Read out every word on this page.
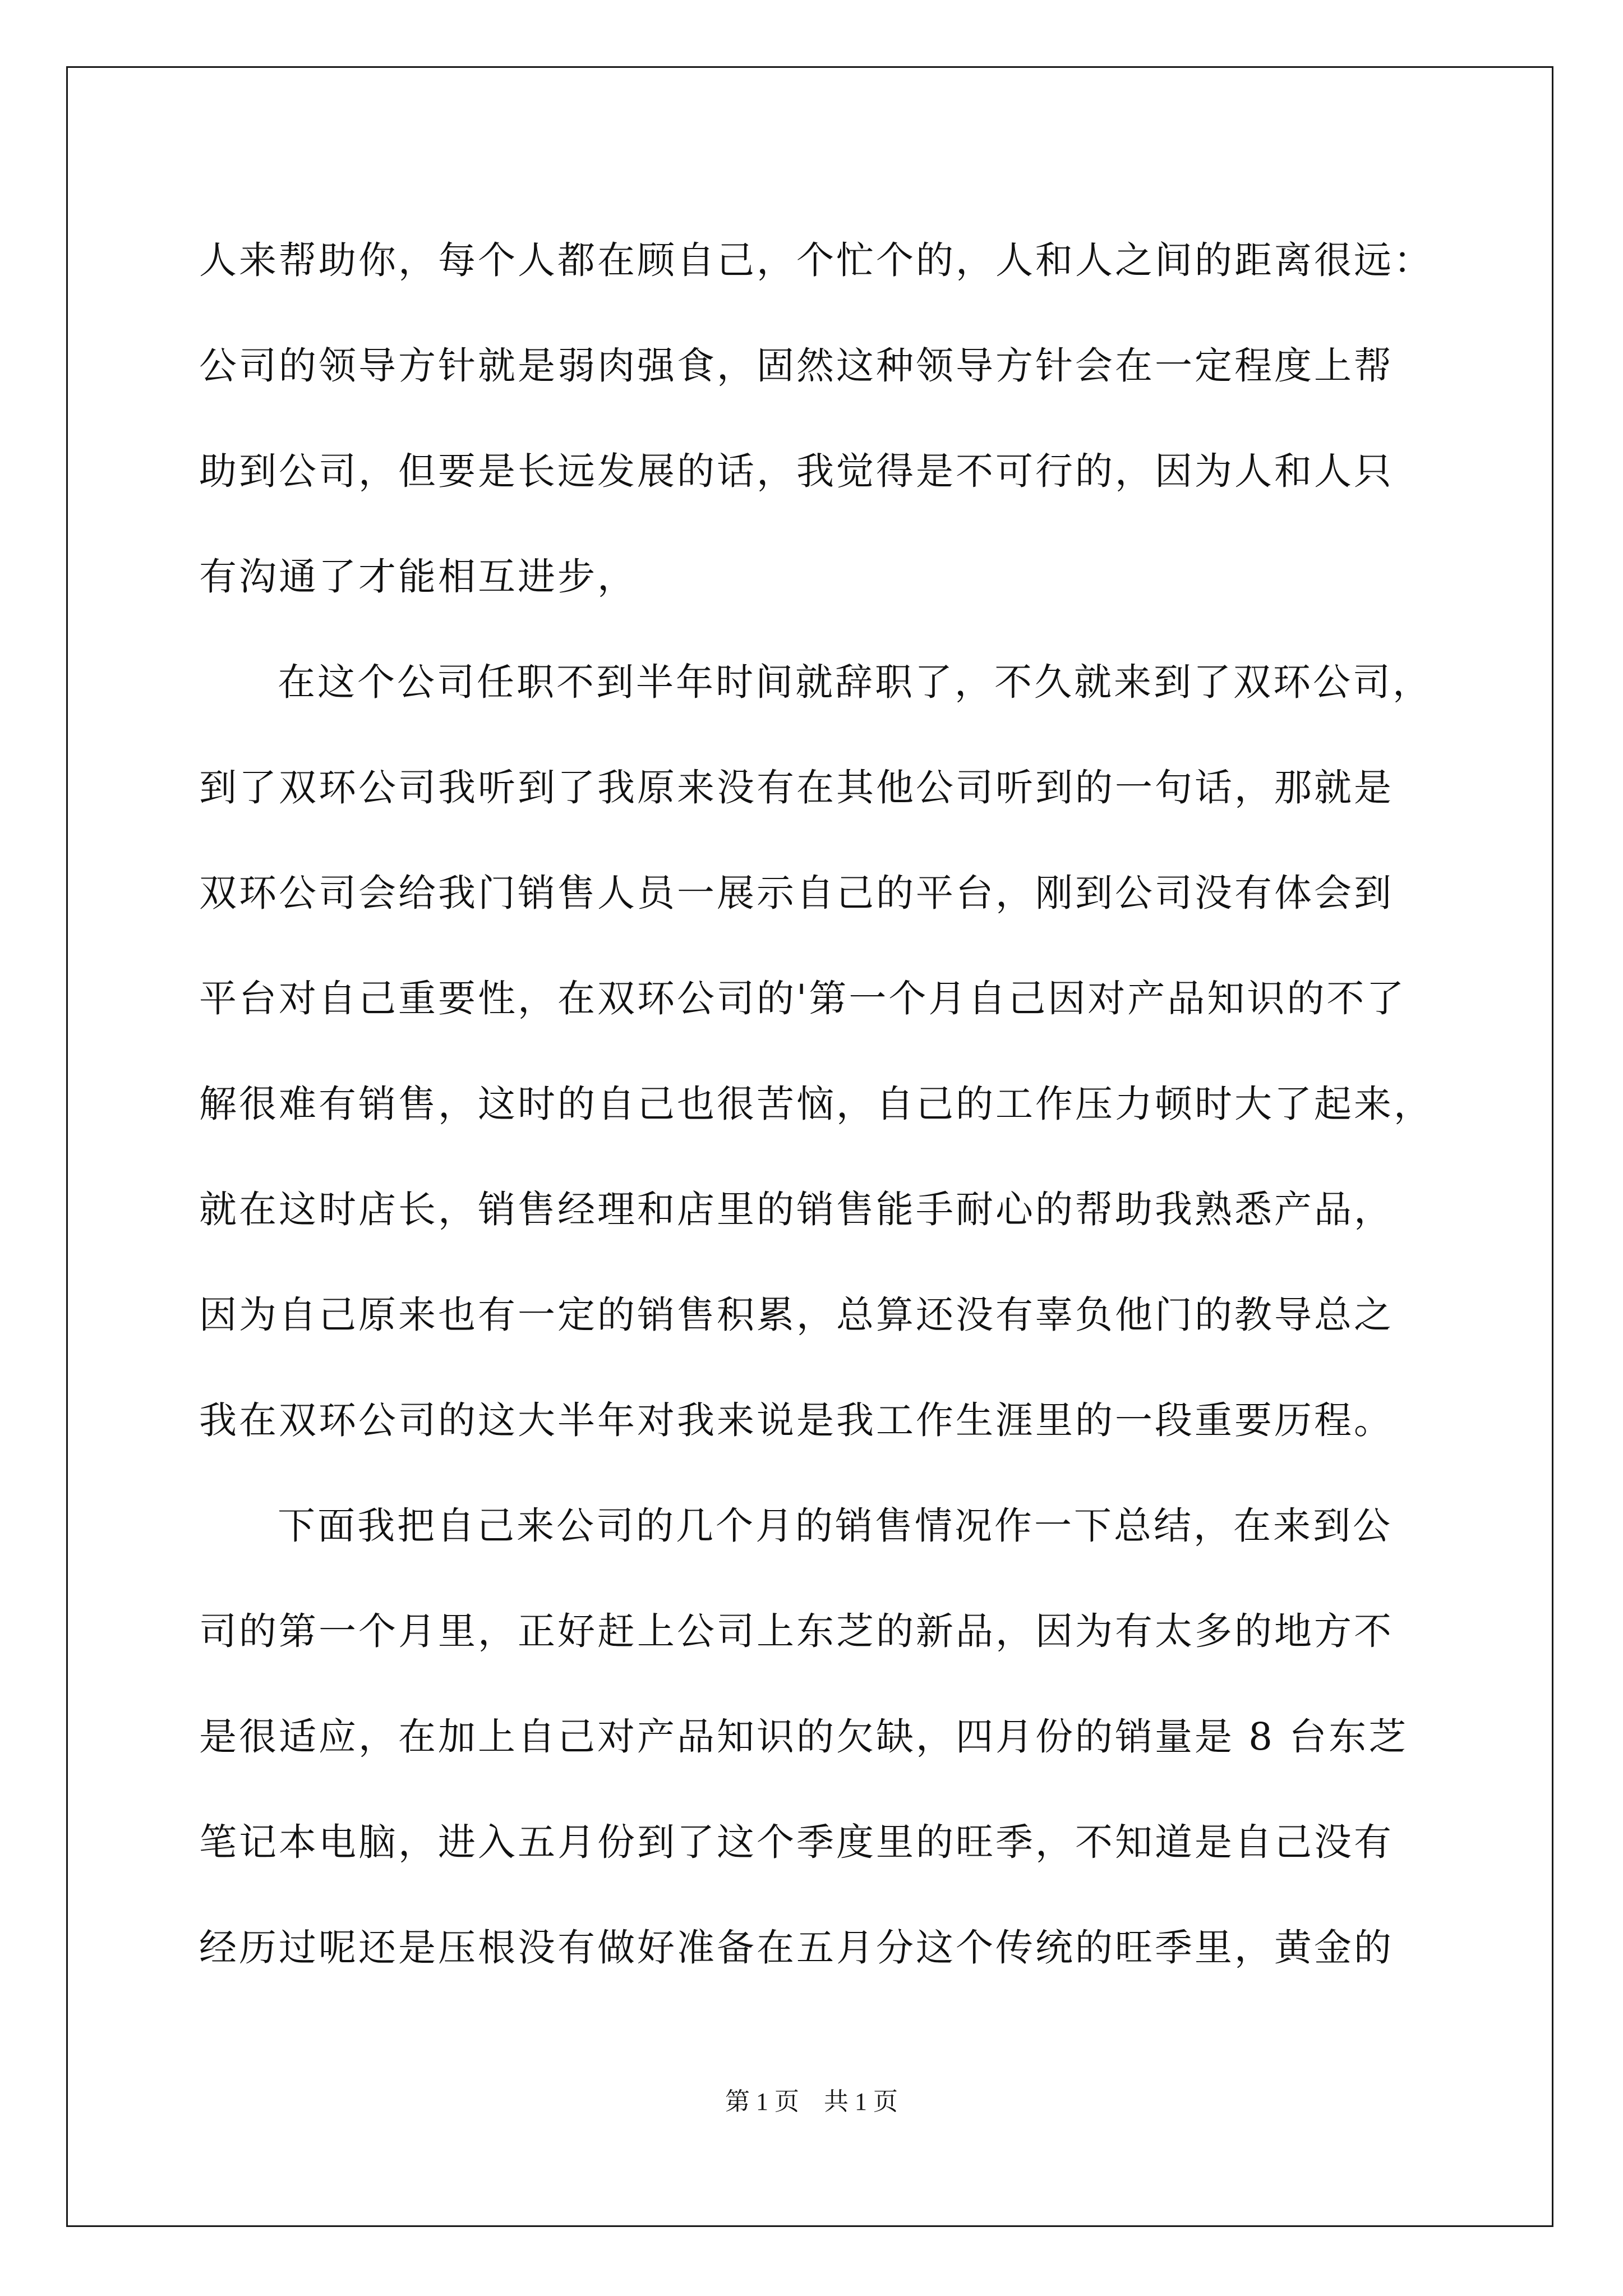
人来帮助你，每个人都在顾自己，个忙个的，人和人之间的距离很远：
公司的领导方针就是弱肉强食，固然这种领导方针会在一定程度上帮
助到公司，但要是长远发展的话，我觉得是不可行的，因为人和人只
有沟通了才能相互进步，
在这个公司任职不到半年时间就辞职了，不久就来到了双环公司，
到了双环公司我听到了我原来没有在其他公司听到的一句话，那就是
双环公司会给我门销售人员一展示自己的平台，刚到公司没有体会到
平台对自己重要性，在双环公司的'第一个月自己因对产品知识的不了
解很难有销售，这时的自己也很苦恼，自己的工作压力顿时大了起来，
就在这时店长，销售经理和店里的销售能手耐心的帮助我熟悉产品，
因为自己原来也有一定的销售积累，总算还没有辜负他门的教导总之
我在双环公司的这大半年对我来说是我工作生涯里的一段重要历程。
下面我把自己来公司的几个月的销售情况作一下总结，在来到公
司的第一个月里，正好赶上公司上东芝的新品，因为有太多的地方不
是很适应，在加上自己对产品知识的欠缺，四月份的销量是 8 台东芝
笔记本电脑，进入五月份到了这个季度里的旺季，不知道是自己没有
经历过呢还是压根没有做好准备在五月分这个传统的旺季里，黄金的
第 1 页    共 1 页
